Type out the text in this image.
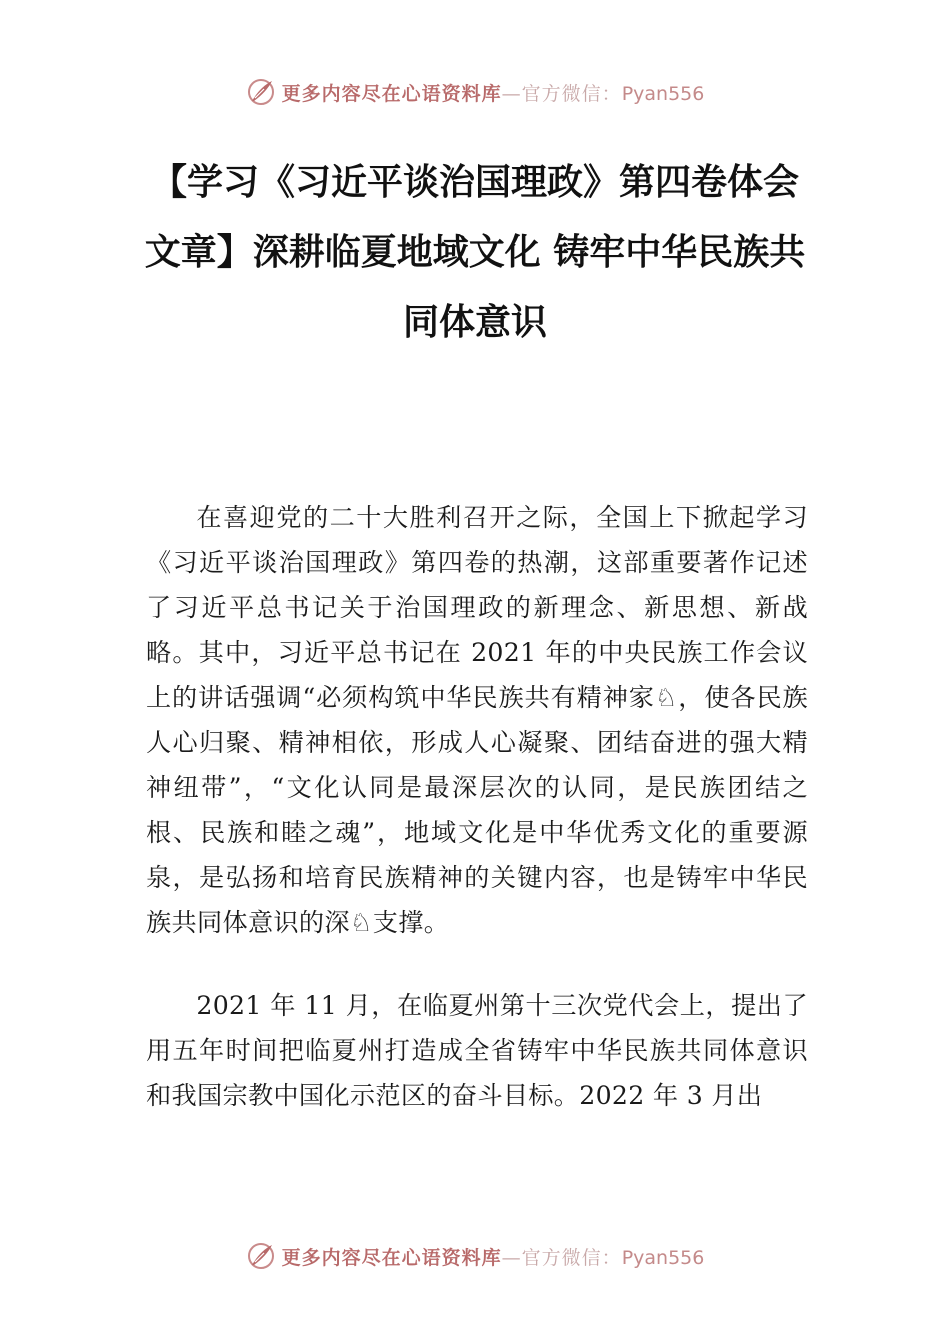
更多内容尽在心语资料库—官方微信：Pyan556
【学习《习近平谈治国理政》第四卷体会文章】深耕临夏地域文化 铸牢中华民族共同体意识

在喜迎党的二十大胜利召开之际，全国上下掀起学习《习近平谈治国理政》第四卷的热潮，这部重要著作记述了习近平总书记关于治国理政的新理念、新思想、新战略。其中，习近平总书记在 2021 年的中央民族工作会议上的讲话强调“必须构筑中华民族共有精神家♘，使各民族人心归聚、精神相依，形成人心凝聚、团结奋进的强大精神纽带”，“文化认同是最深层次的认同，是民族团结之根、民族和睦之魂”，地域文化是中华优秀文化的重要源泉，是弘扬和培育民族精神的关键内容，也是铸牢中华民族共同体意识的深♘支撑。

2021 年 11 月，在临夏州第十三次党代会上，提出了用五年时间把临夏州打造成全省铸牢中华民族共同体意识和我国宗教中国化示范区的奋斗目标。2022 年 3 月出

更多内容尽在心语资料库—官方微信：Pyan556
